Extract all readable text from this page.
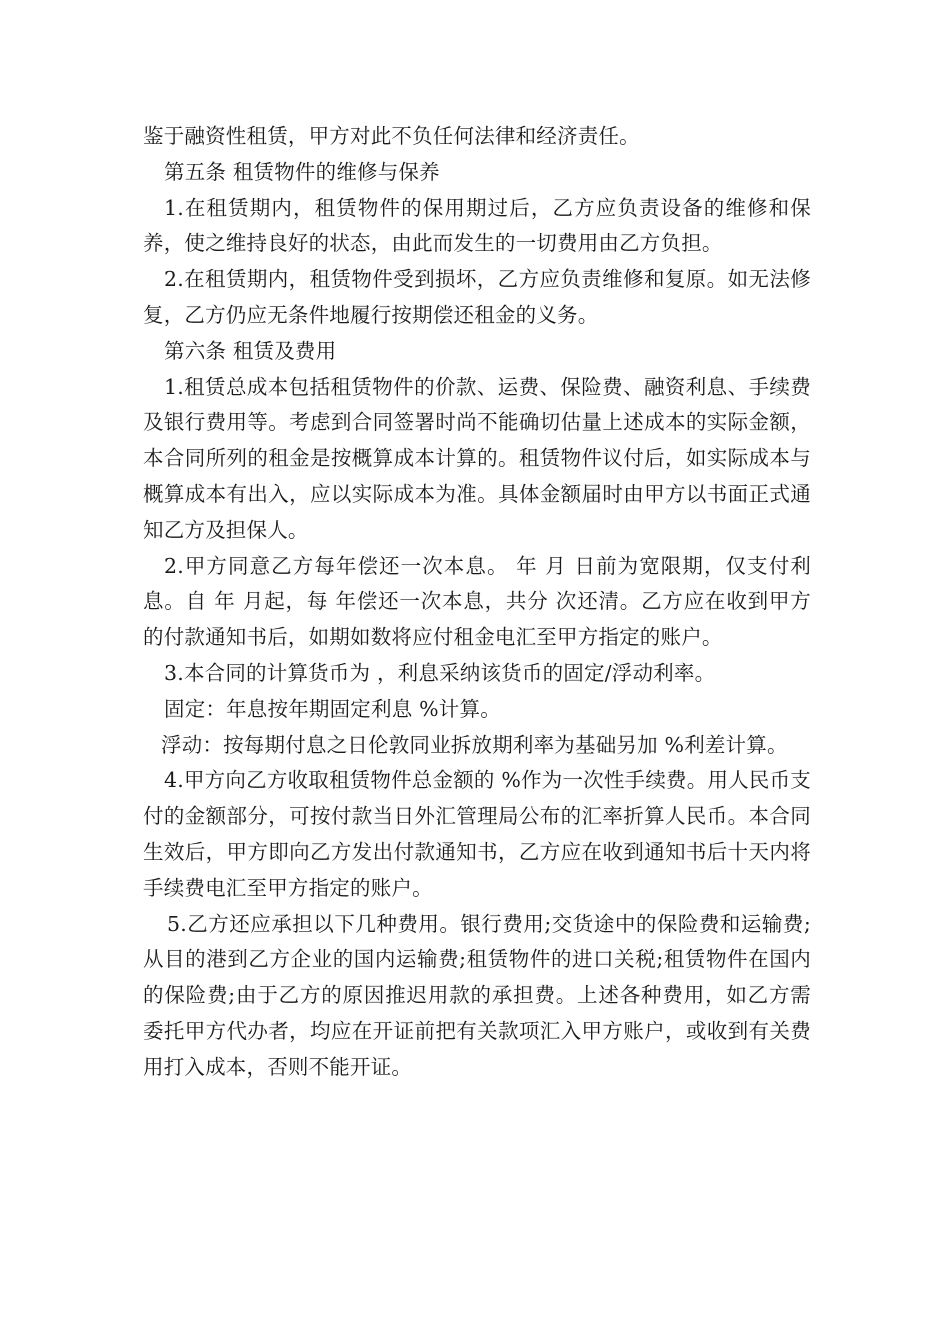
鉴于融资性租赁，甲方对此不负任何法律和经济责任。

第五条 租赁物件的维修与保养

1.在租赁期内，租赁物件的保用期过后，乙方应负责设备的维修和保养，使之维持良好的状态，由此而发生的一切费用由乙方负担。

2.在租赁期内，租赁物件受到损坏，乙方应负责维修和复原。如无法修复，乙方仍应无条件地履行按期偿还租金的义务。

第六条 租赁及费用

1.租赁总成本包括租赁物件的价款、运费、保险费、融资利息、手续费及银行费用等。考虑到合同签署时尚不能确切估量上述成本的实际金额，本合同所列的租金是按概算成本计算的。租赁物件议付后，如实际成本与概算成本有出入，应以实际成本为准。具体金额届时由甲方以书面正式通知乙方及担保人。

2.甲方同意乙方每年偿还一次本息。 年 月 日前为宽限期，仅支付利息。自 年 月起，每 年偿还一次本息，共分 次还清。乙方应在收到甲方的付款通知书后，如期如数将应付租金电汇至甲方指定的账户。

3.本合同的计算货币为 ，利息采纳该货币的固定/浮动利率。

固定：年息按年期固定利息 %计算。

浮动：按每期付息之日伦敦同业拆放期利率为基础另加 %利差计算。

4.甲方向乙方收取租赁物件总金额的 %作为一次性手续费。用人民币支付的金额部分，可按付款当日外汇管理局公布的汇率折算人民币。本合同生效后，甲方即向乙方发出付款通知书，乙方应在收到通知书后十天内将手续费电汇至甲方指定的账户。

5.乙方还应承担以下几种费用。银行费用;交货途中的保险费和运输费;从目的港到乙方企业的国内运输费;租赁物件的进口关税;租赁物件在国内的保险费;由于乙方的原因推迟用款的承担费。上述各种费用，如乙方需委托甲方代办者，均应在开证前把有关款项汇入甲方账户，或收到有关费用打入成本，否则不能开证。
